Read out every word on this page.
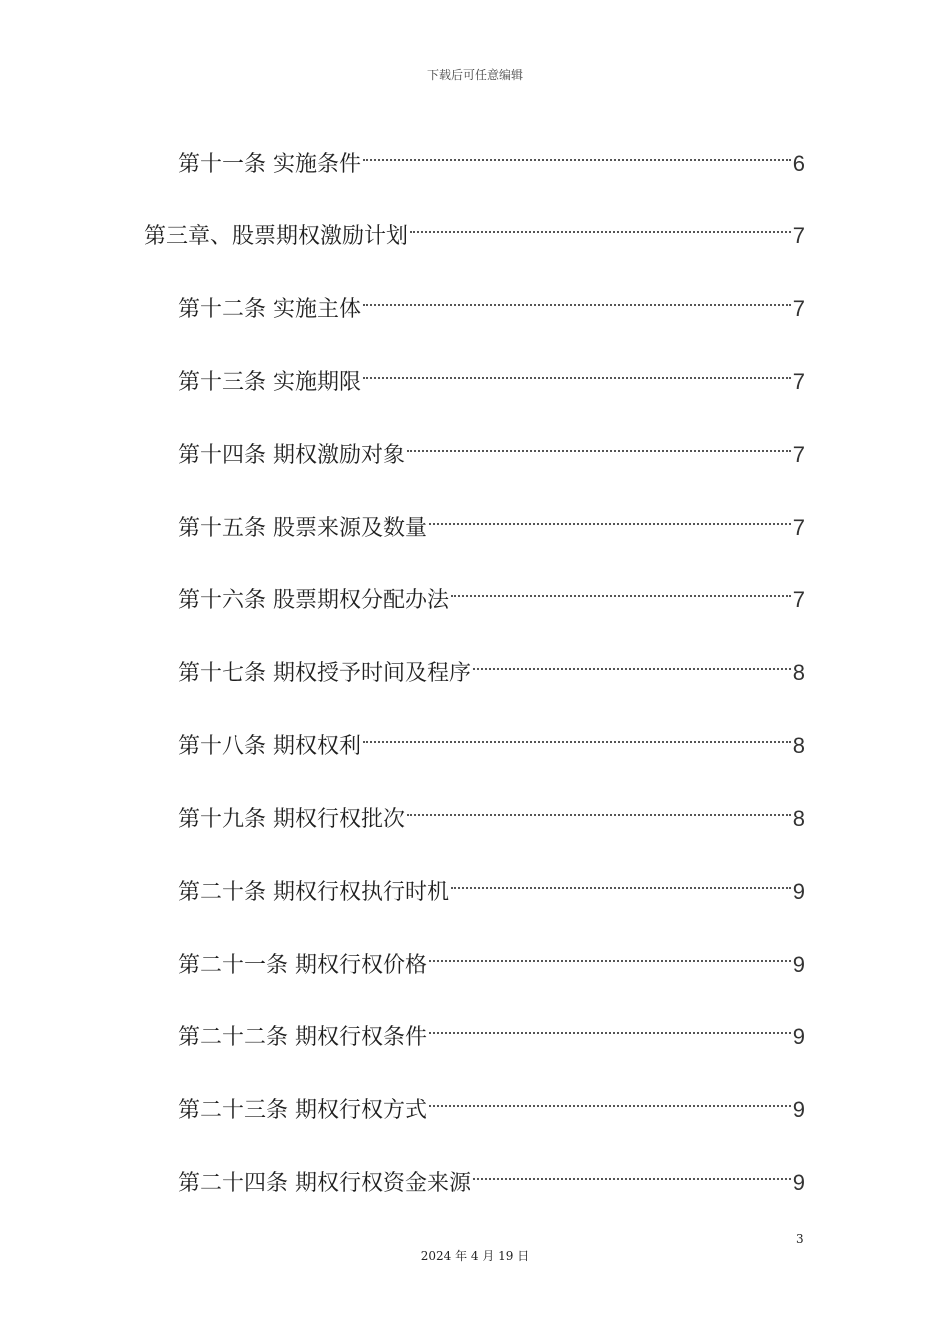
下载后可任意编辑
第十一条 实施条件	6
第三章、股票期权激励计划	7
第十二条 实施主体	7
第十三条 实施期限	7
第十四条 期权激励对象	7
第十五条 股票来源及数量	7
第十六条 股票期权分配办法	7
第十七条 期权授予时间及程序	8
第十八条 期权权利	8
第十九条 期权行权批次	8
第二十条 期权行权执行时机	9
第二十一条 期权行权价格	9
第二十二条 期权行权条件	9
第二十三条 期权行权方式	9
第二十四条 期权行权资金来源	9
3
2024 年 4 月 19 日
